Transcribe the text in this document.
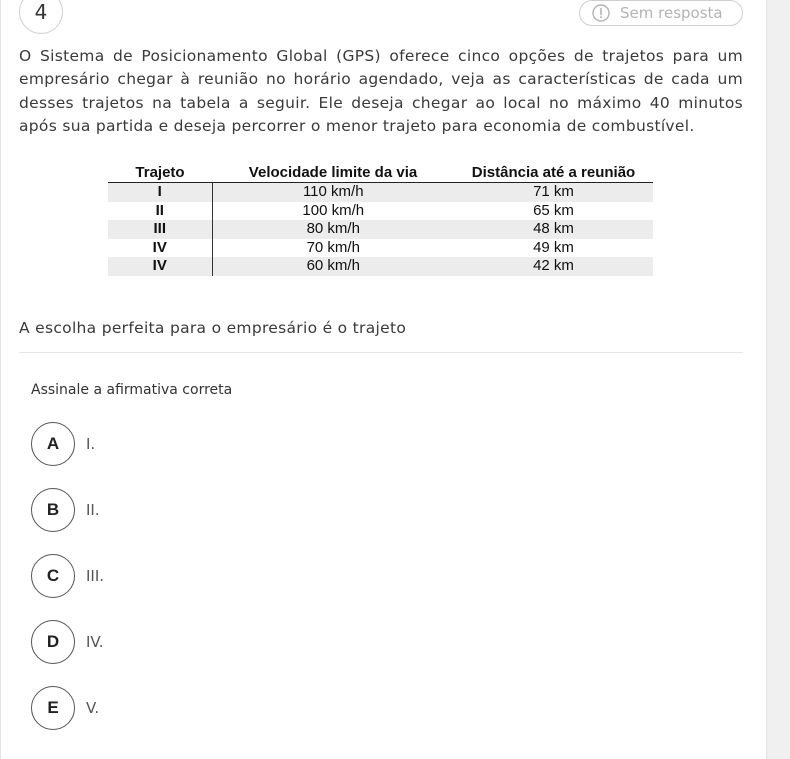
4	Sem resposta

O Sistema de Posicionamento Global (GPS) oferece cinco opções de trajetos para um empresário chegar à reunião no horário agendado, veja as características de cada um desses trajetos na tabela a seguir. Ele deseja chegar ao local no máximo 40 minutos após sua partida e deseja percorrer o menor trajeto para economia de combustível.

Trajeto	Velocidade limite da via	Distância até a reunião
I	110 km/h	71 km
II	100 km/h	65 km
III	80 km/h	48 km
IV	70 km/h	49 km
IV	60 km/h	42 km

A escolha perfeita para o empresário é o trajeto

Assinale a afirmativa correta

A	I.
B	II.
C	III.
D	IV.
E	V.
